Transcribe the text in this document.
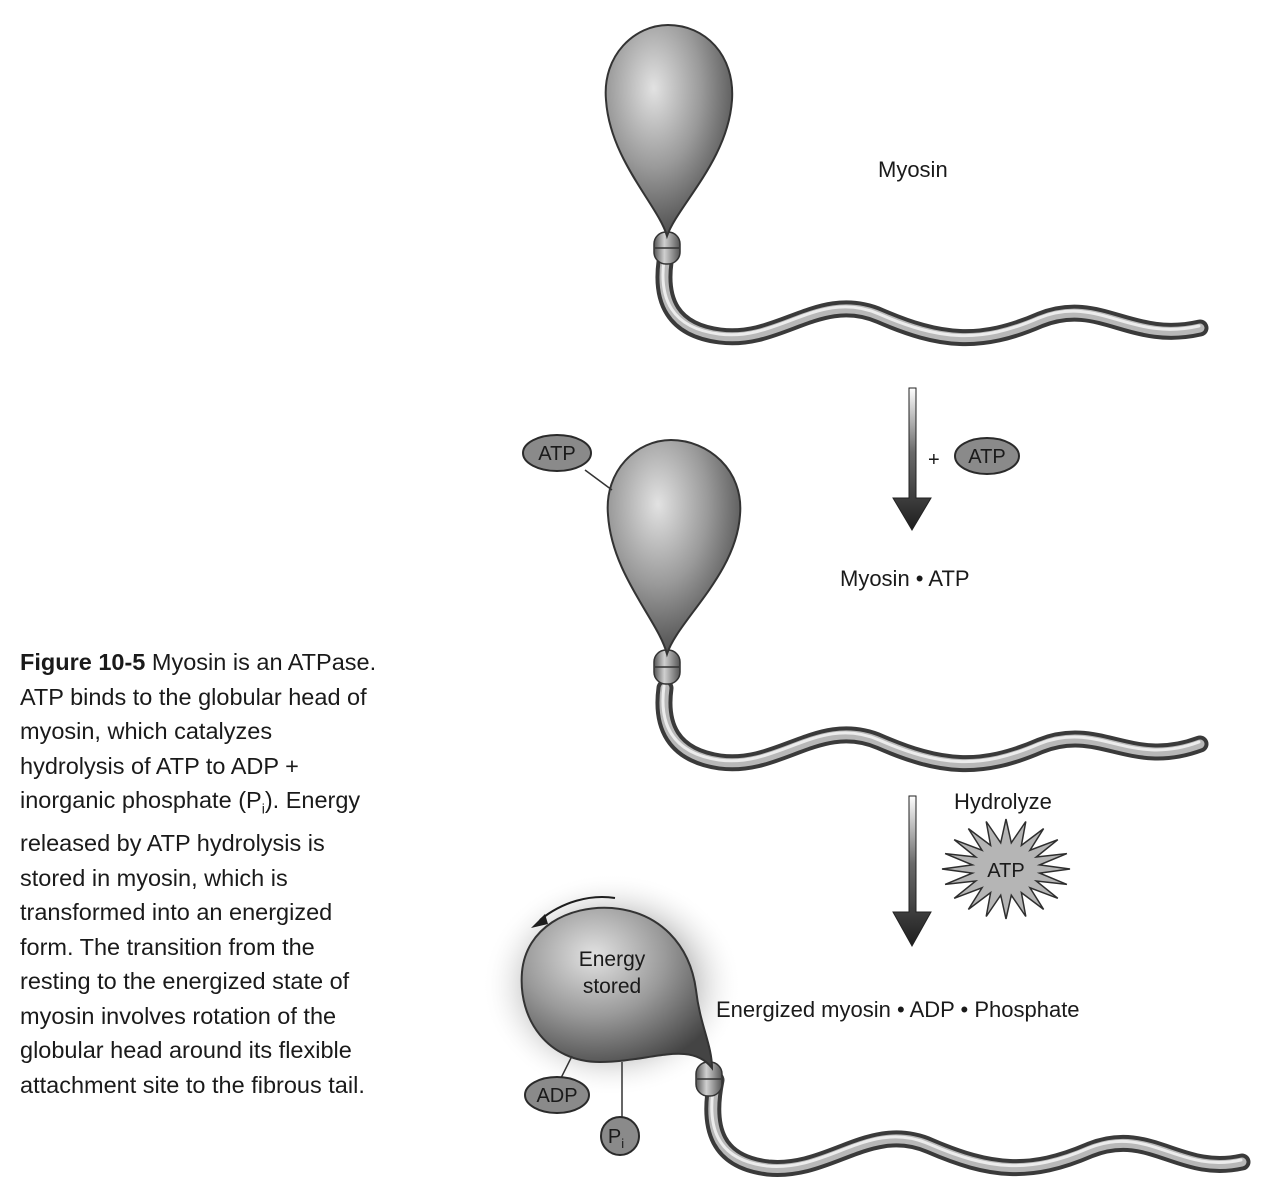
+ ATP
ATP
ATP
Energy
stored
ADP
$P_i$
Myosin
Myosin • ATP
Hydrolyze
Energized myosin • ADP • Phosphate
Figure 10-5 Myosin is an ATPase. ATP binds to the globular head of myosin, which catalyzes hydrolysis of ATP to ADP + inorganic phosphate $(P_i)$. Energy released by ATP hydrolysis is stored in myosin, which is transformed into an energized form. The transition from the resting to the energized state of myosin involves rotation of the globular head around its flexible attachment site to the fibrous tail.
